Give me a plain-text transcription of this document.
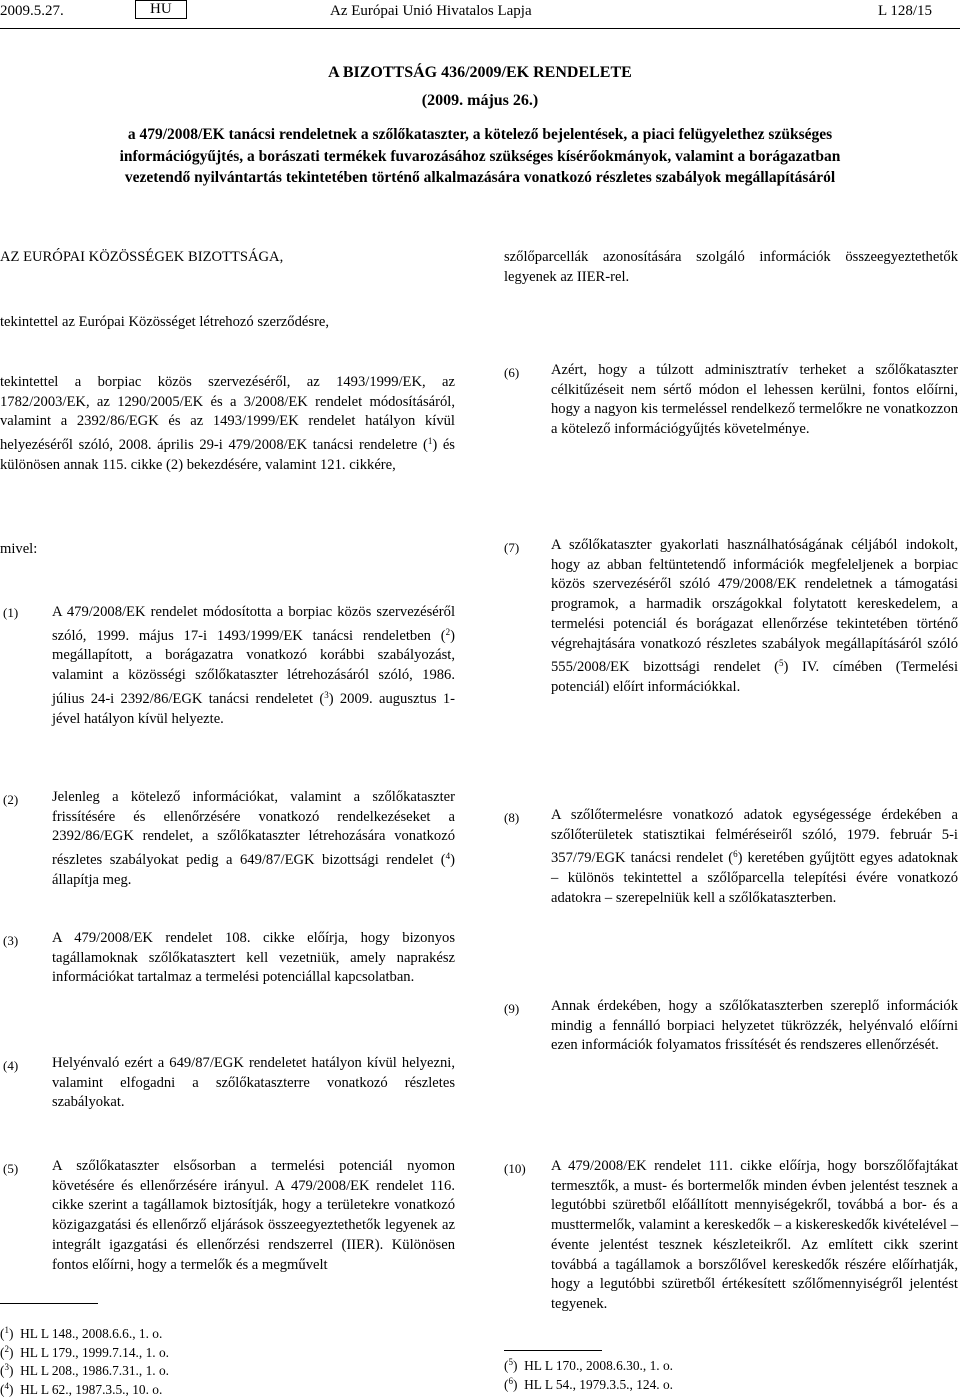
2009.5.27.	HU	Az Európai Unió Hivatalos Lapja	L 128/15
A BIZOTTSÁG 436/2009/EK RENDELETE
(2009. május 26.)
a 479/2008/EK tanácsi rendeletnek a szőlőkataszter, a kötelező bejelentések, a piaci felügyelethez szükséges információgyűjtés, a borászati termékek fuvarozásához szükséges kísérőokmányok, valamint a borágazatban vezetendő nyilvántartás tekintetében történő alkalmazására vonatkozó részletes szabályok megállapításáról
AZ EURÓPAI KÖZÖSSÉGEK BIZOTTSÁGA,
tekintettel az Európai Közösséget létrehozó szerződésre,
tekintettel a borpiac közös szervezéséről, az 1493/1999/EK, az 1782/2003/EK, az 1290/2005/EK és a 3/2008/EK rendelet módosításáról, valamint a 2392/86/EGK és az 1493/1999/EK rendelet hatályon kívül helyezéséről szóló, 2008. április 29-i 479/2008/EK tanácsi rendeletre ($^1$) és különösen annak 115. cikke (2) bekezdésére, valamint 121. cikkére,
mivel:
(1) A 479/2008/EK rendelet módosította a borpiac közös szervezéséről szóló, 1999. május 17-i 1493/1999/EK tanácsi rendeletben ($^2$) megállapított, a borágazatra vonatkozó korábbi szabályozást, valamint a közösségi szőlőkataszter létrehozásáról szóló, 1986. július 24-i 2392/86/EGK tanácsi rendeletet ($^3$) 2009. augusztus 1-jével hatályon kívül helyezte.
(2) Jelenleg a kötelező információkat, valamint a szőlőkataszter frissítésére és ellenőrzésére vonatkozó rendelkezéseket a 2392/86/EGK rendelet, a szőlőkataszter létrehozására vonatkozó részletes szabályokat pedig a 649/87/EGK bizottsági rendelet ($^4$) állapítja meg.
(3) A 479/2008/EK rendelet 108. cikke előírja, hogy bizonyos tagállamoknak szőlőkatasztert kell vezetniük, amely naprakész információkat tartalmaz a termelési potenciállal kapcsolatban.
(4) Helyénvaló ezért a 649/87/EGK rendeletet hatályon kívül helyezni, valamint elfogadni a szőlőkataszterre vonatkozó részletes szabályokat.
(5) A szőlőkataszter elsősorban a termelési potenciál nyomon követésére és ellenőrzésére irányul. A 479/2008/EK rendelet 116. cikke szerint a tagállamok biztosítják, hogy a területekre vonatkozó közigazgatási és ellenőrző eljárások összeegyeztethetők legyenek az integrált igazgatási és ellenőrzési rendszerrel (IIER). Különösen fontos előírni, hogy a termelők és a megművelt
($^1$)  HL L 148., 2008.6.6., 1. o.
($^2$)  HL L 179., 1999.7.14., 1. o.
($^3$)  HL L 208., 1986.7.31., 1. o.
($^4$)  HL L 62., 1987.3.5., 10. o.
szőlőparcellák azonosítására szolgáló információk összeegyeztethetők legyenek az IIER-rel.
(6) Azért, hogy a túlzott adminisztratív terheket a szőlőkataszter célkitűzéseit nem sértő módon el lehessen kerülni, fontos előírni, hogy a nagyon kis termeléssel rendelkező termelőkre ne vonatkozzon a kötelező információgyűjtés követelménye.
(7) A szőlőkataszter gyakorlati használhatóságának céljából indokolt, hogy az abban feltüntetendő információk megfeleljenek a borpiac közös szervezéséről szóló 479/2008/EK rendeletnek a támogatási programok, a harmadik országokkal folytatott kereskedelem, a termelési potenciál és borágazat ellenőrzése tekintetében történő végrehajtására vonatkozó részletes szabályok megállapításáról szóló 555/2008/EK bizottsági rendelet ($^5$) IV. címében (Termelési potenciál) előírt információkkal.
(8) A szőlőtermelésre vonatkozó adatok egységessége érdekében a szőlőterületek statisztikai felméréseiről szóló, 1979. február 5-i 357/79/EGK tanácsi rendelet ($^6$) keretében gyűjtött egyes adatoknak – különös tekintettel a szőlőparcella telepítési évére vonatkozó adatokra – szerepelniük kell a szőlőkataszterben.
(9) Annak érdekében, hogy a szőlőkataszterben szereplő információk mindig a fennálló borpiaci helyzetet tükrözzék, helyénvaló előírni ezen információk folyamatos frissítését és rendszeres ellenőrzését.
(10) A 479/2008/EK rendelet 111. cikke előírja, hogy borszőlőfajtákat termesztők, a must- és bortermelők minden évben jelentést tesznek a legutóbbi szüretből előállított mennyiségekről, továbbá a bor- és a musttermelők, valamint a kereskedők – a kiskereskedők kivételével – évente jelentést tesznek készleteikről. Az említett cikk szerint továbbá a tagállamok a borszőlővel kereskedők részére előírhatják, hogy a legutóbbi szüretből értékesített szőlőmennyiségről jelentést tegyenek.
($^5$)  HL L 170., 2008.6.30., 1. o.
($^6$)  HL L 54., 1979.3.5., 124. o.
